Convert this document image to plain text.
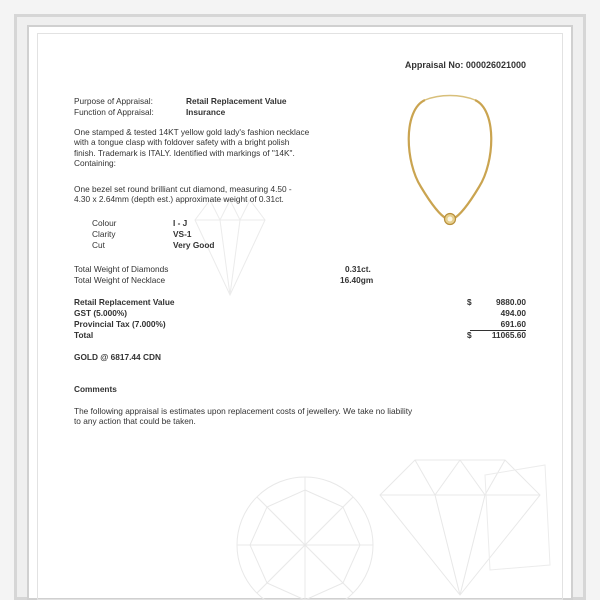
Appraisal No: 000026021000
Purpose of Appraisal:	Retail Replacement Value
Function of Appraisal:	Insurance
One stamped & tested 14KT yellow gold lady's fashion necklace
with a tongue clasp with foldover safety with a bright polish
finish. Trademark is ITALY. Identified with markings of "14K".
Containing:
One bezel set round brilliant cut diamond, measuring 4.50 -
4.30 x 2.64mm (depth est.) approximate weight of 0.31ct.
Colour	I - J
Clarity	VS-1
Cut	Very Good
Total Weight of Diamonds	0.31ct.
Total Weight of Necklace	16.40gm
Retail Replacement Value	$	9880.00
GST (5.000%)	494.00
Provincial Tax (7.000%)	691.60
Total	$	11065.60
GOLD @ 6817.44 CDN
Comments
The following appraisal is estimates upon replacement costs of jewellery. We take no liability
to any action that could be taken.
